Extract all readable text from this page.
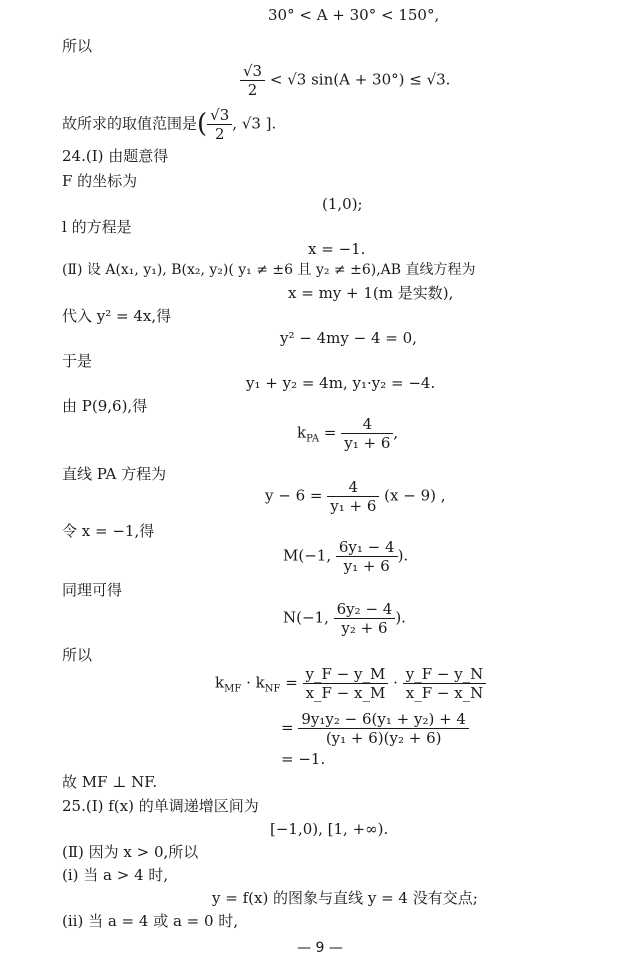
30° < A + 30° < 150°,
所以
$\frac{√3}{2} < √3$ sin(A + 30°) ≤ √3.
故所求的取值范围是( $\frac{√3}{2}$ , √3 ].
24.(Ⅰ) 由题意得
F 的坐标为
(1,0);
l 的方程是
x = −1.
(Ⅱ) 设 A(x₁, y₁), B(x₂, y₂)( y₁ ≠ ±6 且 y₂ ≠ ±6),AB 直线方程为
x = my + 1(m 是实数),
代入 y² = 4x,得
y² − 4my − 4 = 0,
于是
y₁ + y₂ = 4m, y₁·y₂ = −4.
由 P(9,6),得
$k_{PA} = \frac{4}{\text{y₁ + 6}}$ ,
直线 PA 方程为
$y - 6 = \frac{4}{\text{y₁ + 6}} (x - 9)$ ,
令 x = −1,得
M(−1, $\frac{\text{6y₁ − 4}}{\text{y₁ + 6}}$ ).
同理可得
N(−1, $\frac{\text{6y₂ − 4}}{\text{y₂ + 6}}$ ).
所以
$k_{MF} \cdot k_{NF} = \frac{y\_F - y\_M}{x\_F - x\_M} \cdot \frac{y\_F - y\_N}{x\_F - x\_N}$
= $\frac{\text{9y₁y₂ − 6(y₁ + y₂) + 4}}{\text{(y₁ + 6)(y₂ + 6)}}$
= −1.
故 MF ⊥ NF.
25.(Ⅰ) f(x) 的单调递增区间为
[−1,0), [1, +∞).
(Ⅱ) 因为 x > 0,所以
(ⅰ) 当 a > 4 时,
y = f(x) 的图象与直线 y = 4 没有交点;
(ⅱ) 当 a = 4 或 a = 0 时,
— 9 —
